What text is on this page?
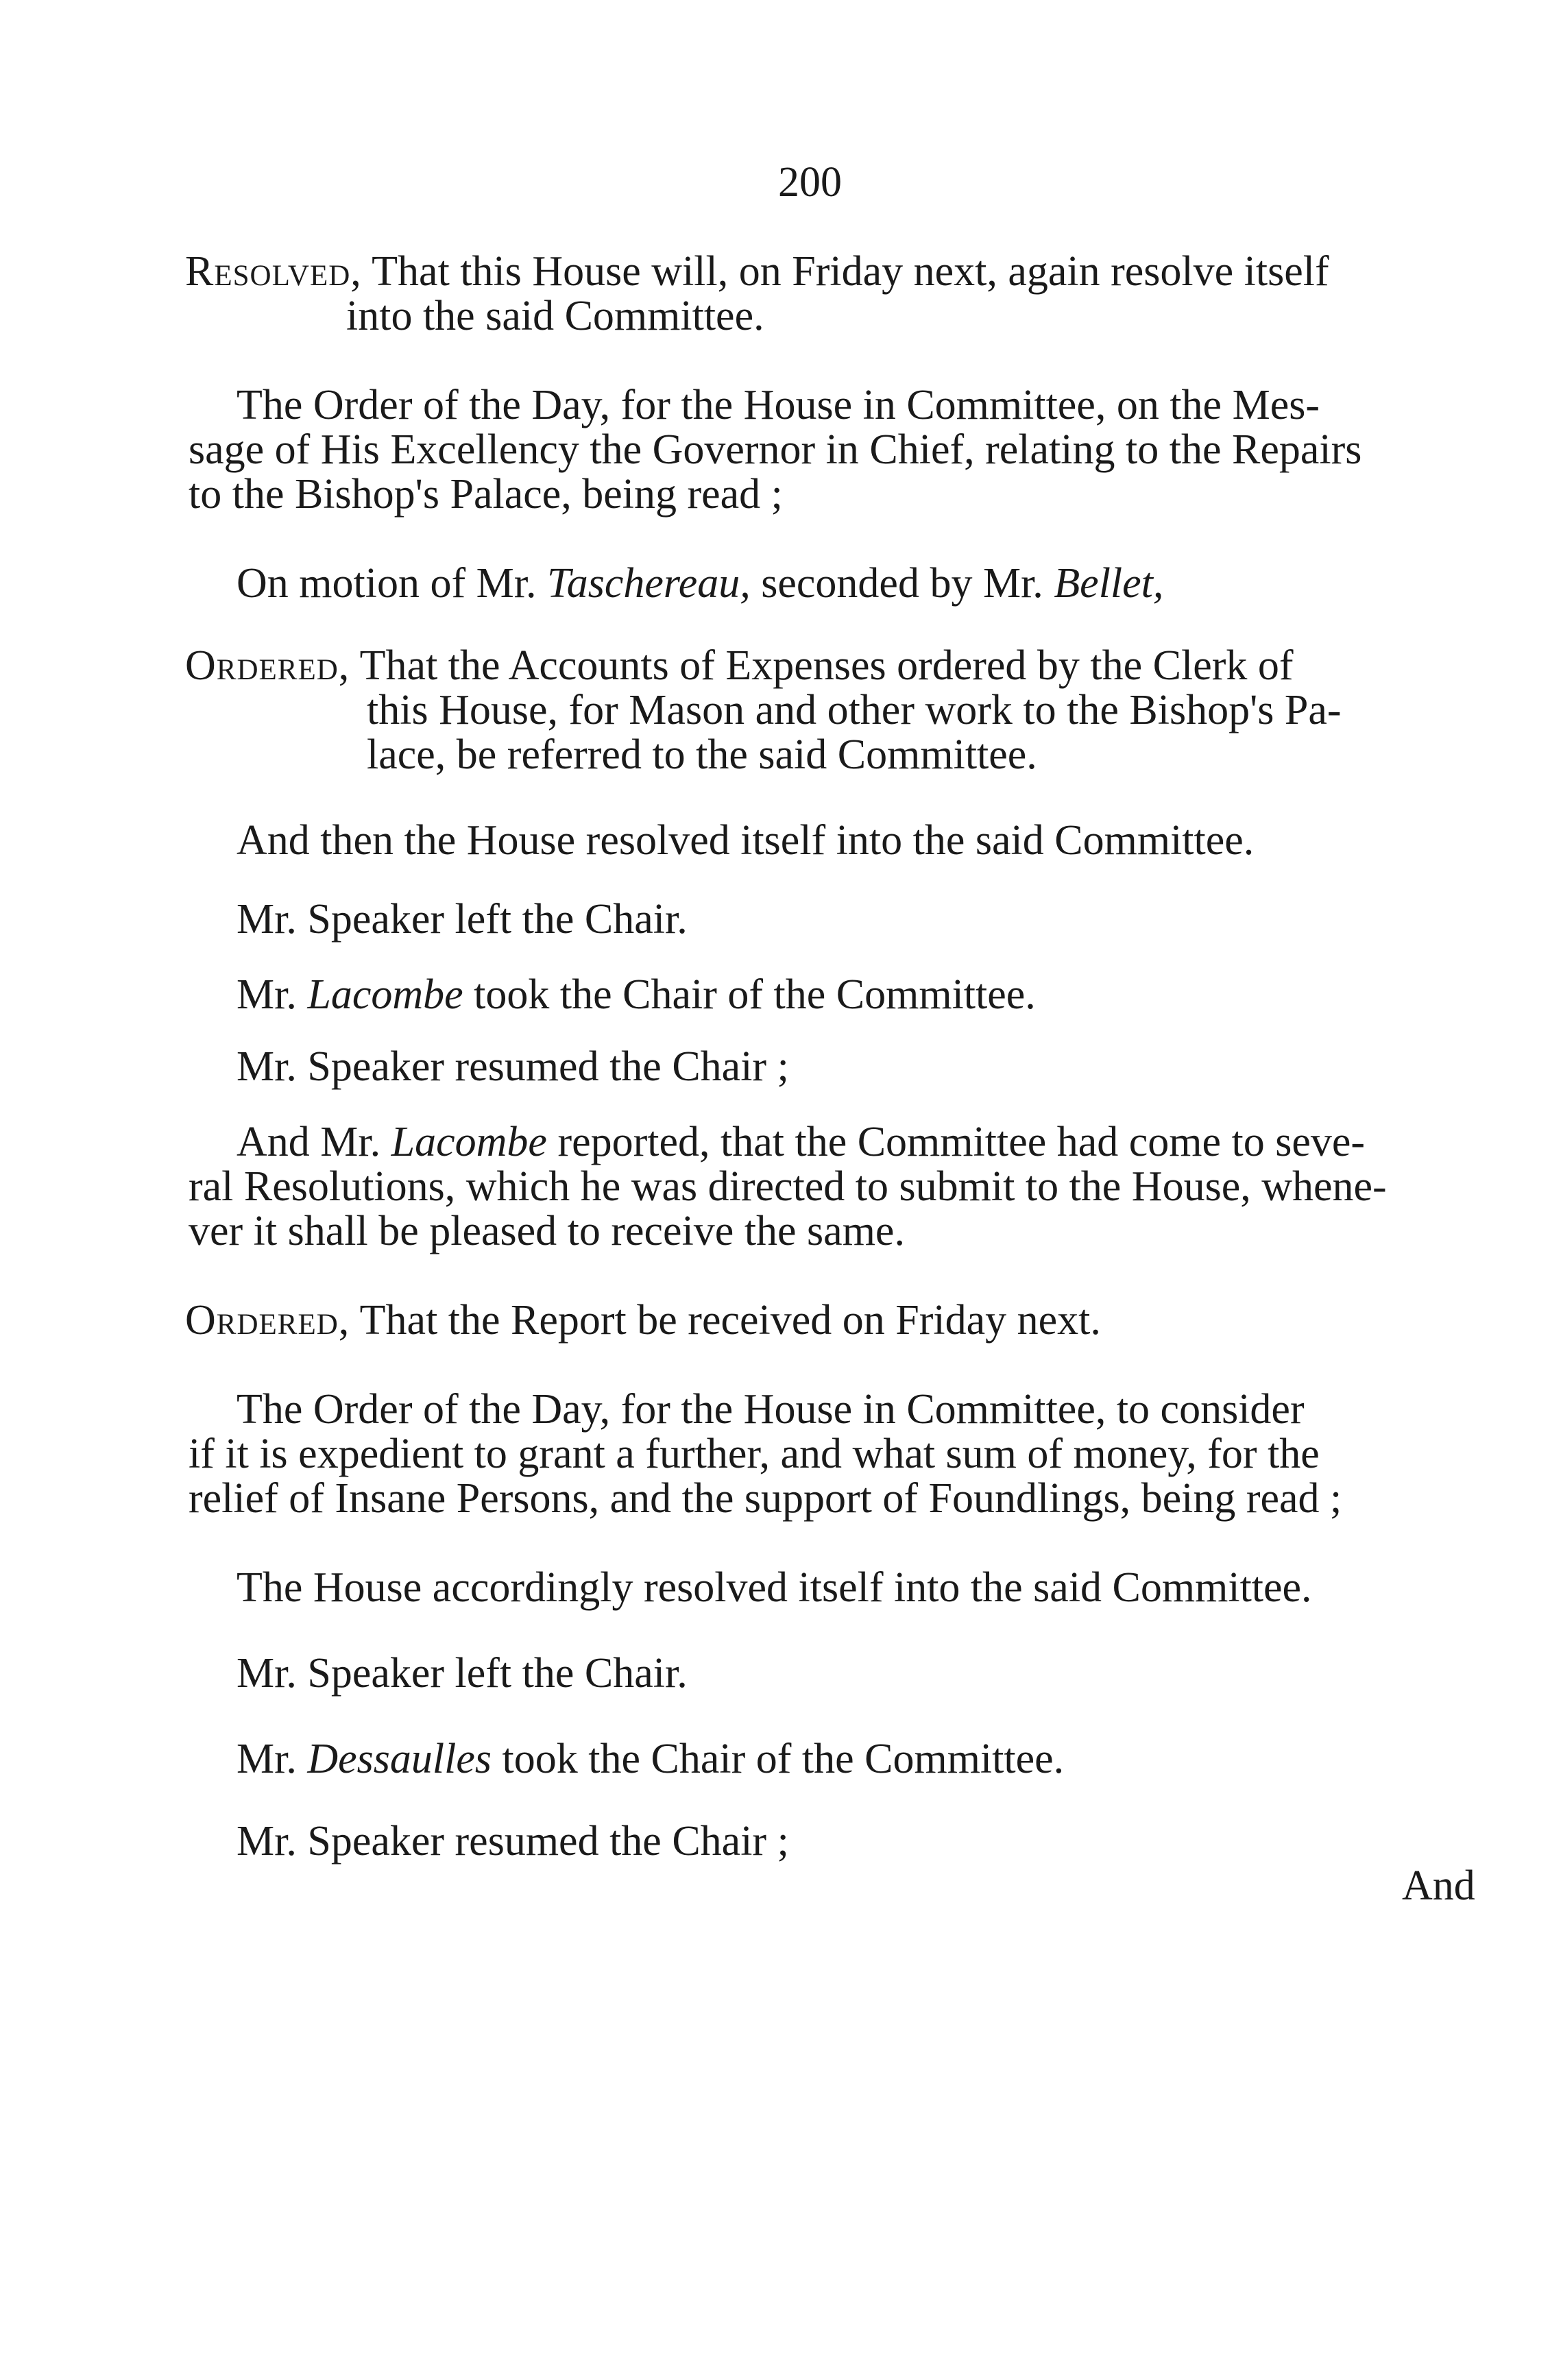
200
Resolved, That this House will, on Friday next, again resolve itself
into the said Committee.
The Order of the Day, for the House in Committee, on the Mes-
sage of His Excellency the Governor in Chief, relating to the Repairs
to the Bishop's Palace, being read ;
On motion of Mr. Taschereau, seconded by Mr. Bellet,
Ordered, That the Accounts of Expenses ordered by the Clerk of
this House, for Mason and other work to the Bishop's Pa-
lace, be referred to the said Committee.
And then the House resolved itself into the said Committee.
Mr. Speaker left the Chair.
Mr. Lacombe took the Chair of the Committee.
Mr. Speaker resumed the Chair ;
And Mr. Lacombe reported, that the Committee had come to seve-
ral Resolutions, which he was directed to submit to the House, whene-
ver it shall be pleased to receive the same.
Ordered, That the Report be received on Friday next.
The Order of the Day, for the House in Committee, to consider
if it is expedient to grant a further, and what sum of money, for the
relief of Insane Persons, and the support of Foundlings, being read ;
The House accordingly resolved itself into the said Committee.
Mr. Speaker left the Chair.
Mr. Dessaulles took the Chair of the Committee.
Mr. Speaker resumed the Chair ;
And
